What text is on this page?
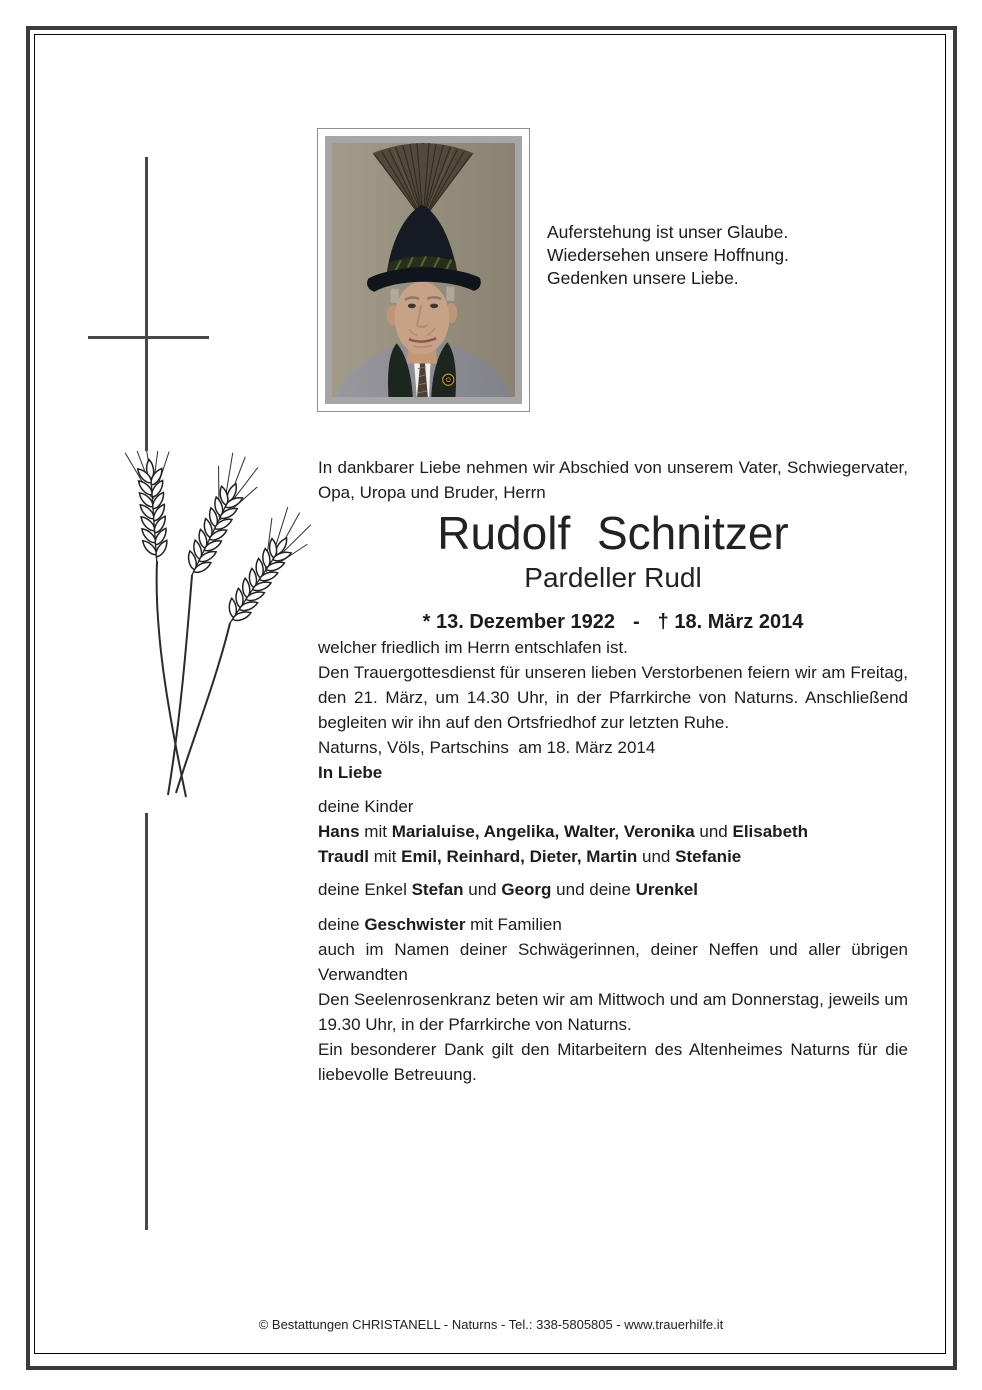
Auferstehung ist unser Glaube.
Wiedersehen unsere Hoffnung.
Gedenken unsere Liebe.

In dankbarer Liebe nehmen wir Abschied von unserem Vater, Schwiegervater, Opa, Uropa und Bruder, Herrn

Rudolf Schnitzer

Pardeller Rudl

* 13. Dezember 1922 - † 18. März 2014

welcher friedlich im Herrn entschlafen ist.

Den Trauergottesdienst für unseren lieben Verstorbenen feiern wir am Freitag, den 21. März, um 14.30 Uhr, in der Pfarrkirche von Naturns. Anschließend begleiten wir ihn auf den Ortsfriedhof zur letzten Ruhe.

Naturns, Völs, Partschins  am 18. März 2014

In Liebe

deine Kinder
Hans mit Marialuise, Angelika, Walter, Veronika und Elisabeth
Traudl mit Emil, Reinhard, Dieter, Martin und Stefanie
deine Enkel Stefan und Georg und deine Urenkel
deine Geschwister mit Familien

auch im Namen deiner Schwägerinnen, deiner Neffen und aller übrigen Verwandten

Den Seelenrosenkranz beten wir am Mittwoch und am Donnerstag, jeweils um 19.30 Uhr, in der Pfarrkirche von Naturns.

Ein besonderer Dank gilt den Mitarbeitern des Altenheimes Naturns für die liebevolle Betreuung.

© Bestattungen CHRISTANELL - Naturns - Tel.: 338-5805805 - www.trauerhilfe.it
